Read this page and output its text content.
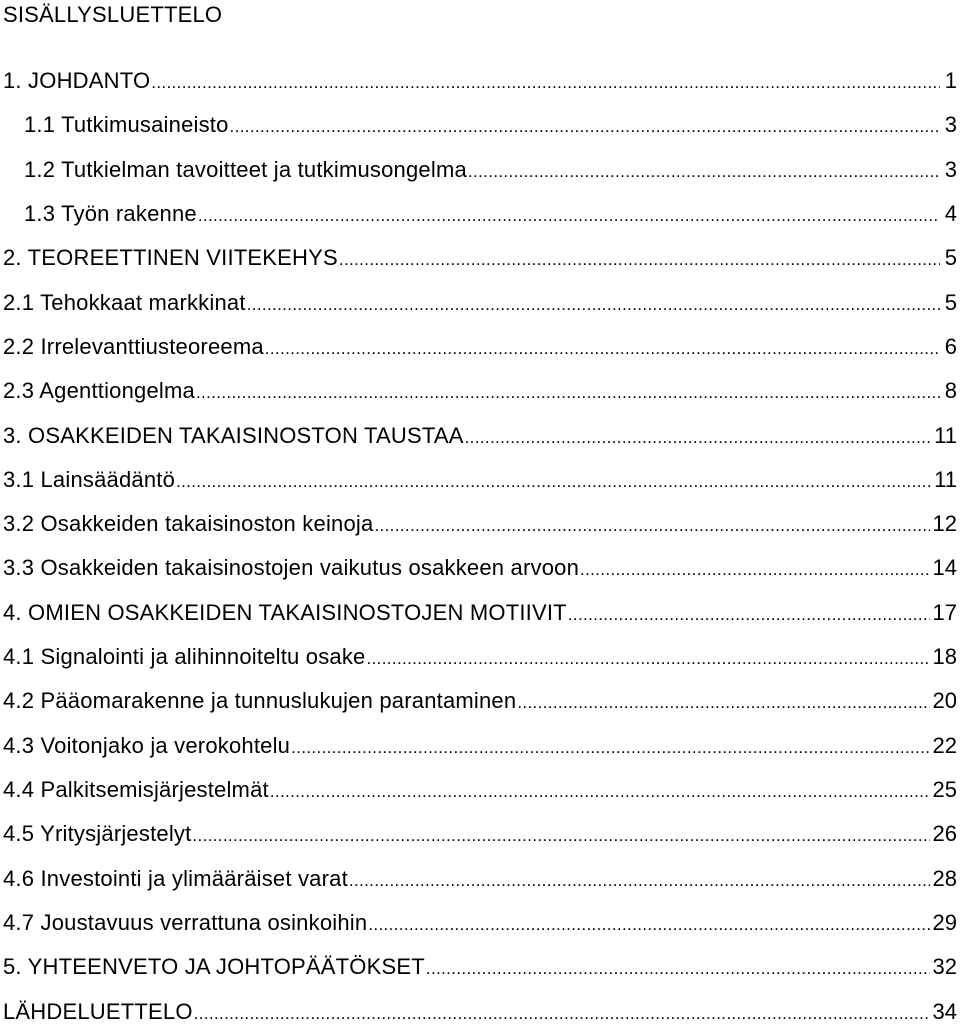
SISÄLLYSLUETTELO
1. JOHDANTO .....	1
1.1 Tutkimusaineisto .....	3
1.2 Tutkielman tavoitteet ja tutkimusongelma .....	3
1.3 Työn rakenne .....	4
2. TEOREETTINEN VIITEKEHYS .....	5
2.1 Tehokkaat markkinat .....	5
2.2 Irrelevanttiusteoreema .....	6
2.3 Agenttiongelma .....	8
3. OSAKKEIDEN TAKAISINOSTON TAUSTAA .....	11
3.1 Lainsäädäntö .....	11
3.2 Osakkeiden takaisinoston keinoja .....	12
3.3 Osakkeiden takaisinostojen vaikutus osakkeen arvoon .....	14
4. OMIEN OSAKKEIDEN TAKAISINOSTOJEN MOTIIVIT .....	17
4.1 Signalointi ja alihinnoiteltu osake .....	18
4.2 Pääomarakenne ja tunnuslukujen parantaminen .....	20
4.3 Voitonjako ja verokohtelu .....	22
4.4 Palkitsemisjärjestelmät .....	25
4.5 Yritysjärjestelyt .....	26
4.6 Investointi ja ylimääräiset varat .....	28
4.7 Joustavuus verrattuna osinkoihin .....	29
5. YHTEENVETO JA JOHTOPÄÄTÖKSET .....	32
LÄHDELUETTELO .....	34
